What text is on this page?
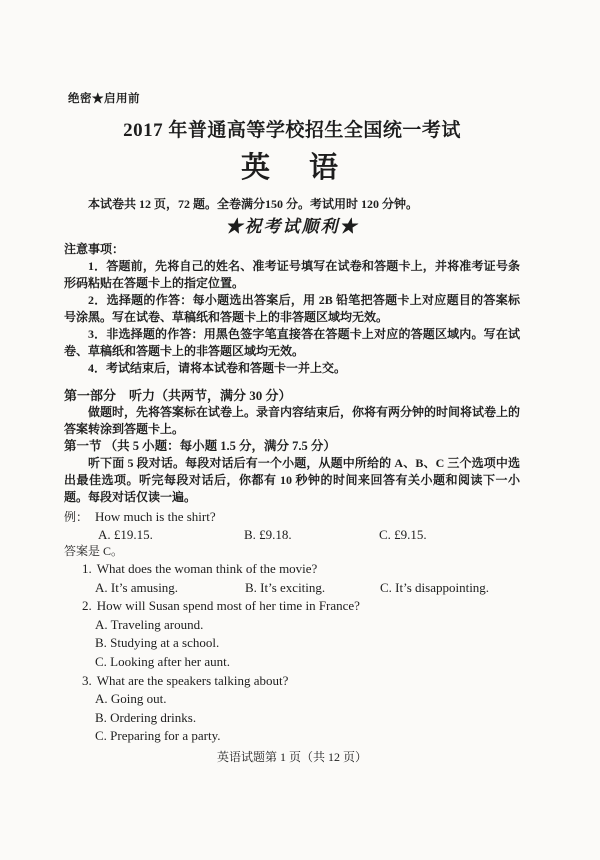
绝密★启用前
2017 年普通高等学校招生全国统一考试
英　语

本试卷共 12 页，72 题。全卷满分150 分。考试用时 120 分钟。

★祝考试顺利★
注意事项：

1．答题前，先将自己的姓名、准考证号填写在试卷和答题卡上，并将准考证号条形码粘贴在答题卡上的指定位置。

2．选择题的作答：每小题选出答案后，用 2B 铅笔把答题卡上对应题目的答案标号涂黑。写在试卷、草稿纸和答题卡上的非答题区域均无效。

3．非选择题的作答：用黑色签字笔直接答在答题卡上对应的答题区域内。写在试卷、草稿纸和答题卡上的非答题区域均无效。

4．考试结束后，请将本试卷和答题卡一并上交。

第一部分　听力（共两节，满分 30 分）

做题时，先将答案标在试卷上。录音内容结束后，你将有两分钟的时间将试卷上的答案转涂到答题卡上。

第一节 （共 5 小题：每小题 1.5 分，满分 7.5 分）

听下面 5 段对话。每段对话后有一个小题，从题中所给的 A、B、C 三个选项中选出最佳选项。听完每段对话后，你都有 10 秒钟的时间来回答有关小题和阅读下一小题。每段对话仅读一遍。

例： How much is the shirt?

A. £19.15.	B. £9.18.	C. £9.15.

答案是 C。

1. What does the woman think of the movie?

A. It’s amusing.	B. It’s exciting.	C. It’s disappointing.

2. How will Susan spend most of her time in France?

A. Traveling around.

B. Studying at a school.

C. Looking after her aunt.

3. What are the speakers talking about?

A. Going out.

B. Ordering drinks.

C. Preparing for a party.

英语试题第 1 页（共 12 页）
